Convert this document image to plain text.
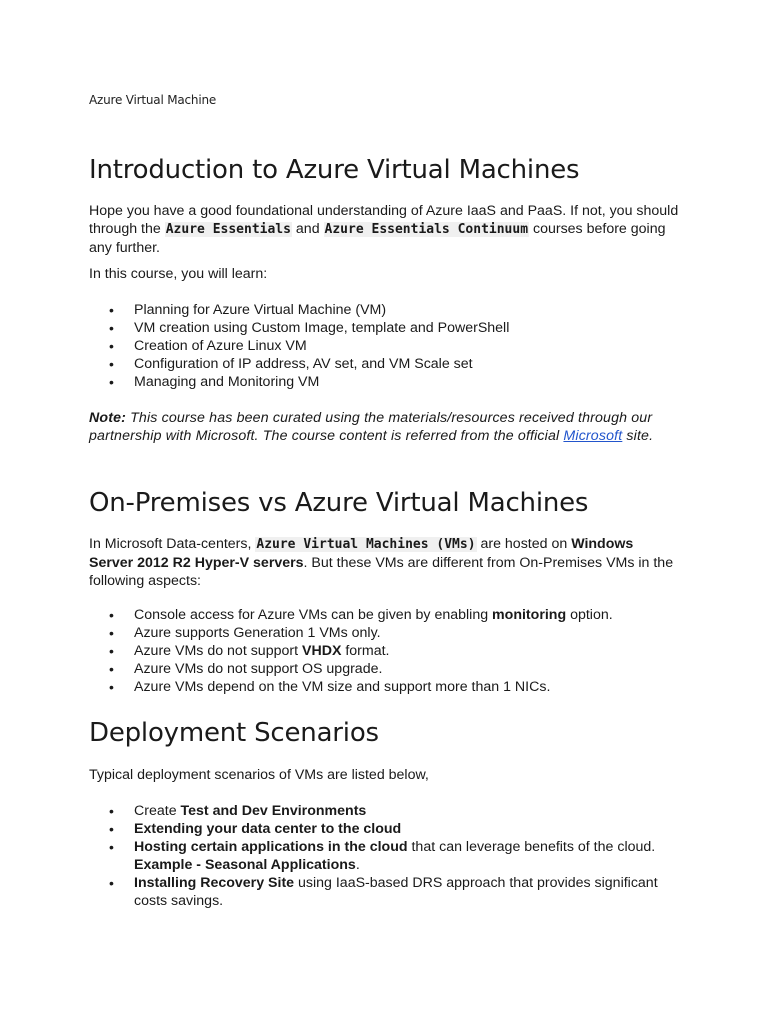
Azure Virtual Machine
Introduction to Azure Virtual Machines

Hope you have a good foundational understanding of Azure IaaS and PaaS. If not, you should through the Azure Essentials and Azure Essentials Continuum courses before going any further.

In this course, you will learn:

• Planning for Azure Virtual Machine (VM)
• VM creation using Custom Image, template and PowerShell
• Creation of Azure Linux VM
• Configuration of IP address, AV set, and VM Scale set
• Managing and Monitoring VM

Note: This course has been curated using the materials/resources received through our partnership with Microsoft. The course content is referred from the official Microsoft site.

On-Premises vs Azure Virtual Machines

In Microsoft Data-centers, Azure Virtual Machines (VMs) are hosted on Windows Server 2012 R2 Hyper-V servers. But these VMs are different from On-Premises VMs in the following aspects:

• Console access for Azure VMs can be given by enabling monitoring option.
• Azure supports Generation 1 VMs only.
• Azure VMs do not support VHDX format.
• Azure VMs do not support OS upgrade.
• Azure VMs depend on the VM size and support more than 1 NICs.
Deployment Scenarios

Typical deployment scenarios of VMs are listed below,

• Create Test and Dev Environments
• Extending your data center to the cloud
• Hosting certain applications in the cloud that can leverage benefits of the cloud. Example - Seasonal Applications.
• Installing Recovery Site using IaaS-based DRS approach that provides significant costs savings.
